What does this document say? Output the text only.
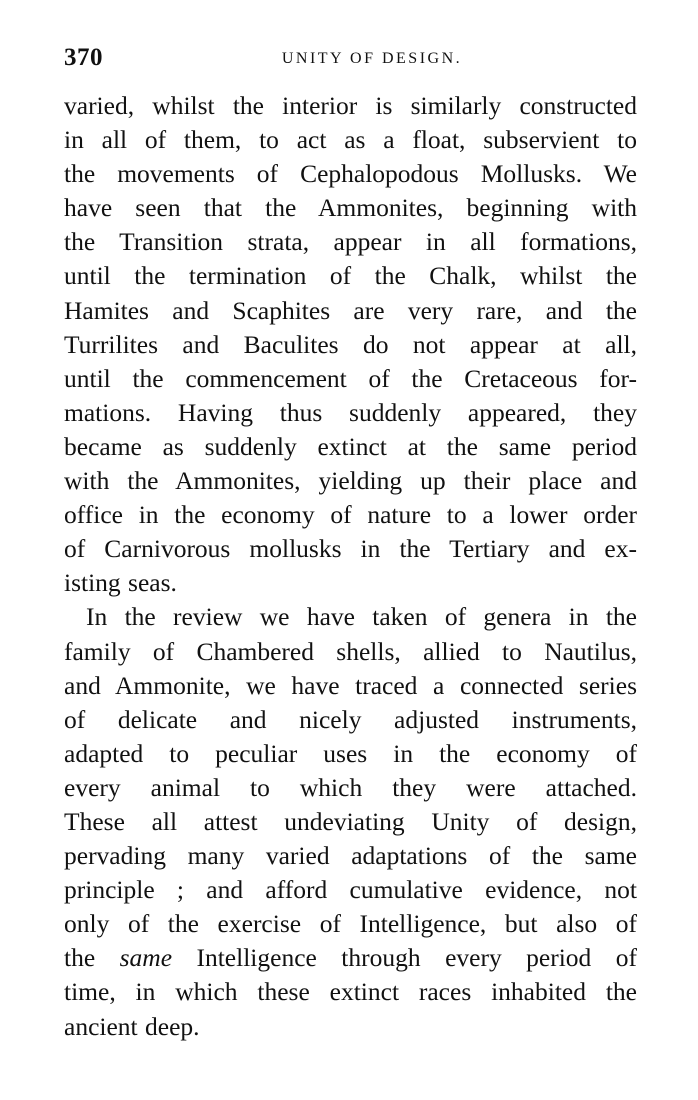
370	UNITY OF DESIGN.
varied, whilst the interior is similarly constructed
in all of them, to act as a float, subservient to
the movements of Cephalopodous Mollusks. We
have seen that the Ammonites, beginning with
the Transition strata, appear in all formations,
until the termination of the Chalk, whilst the
Hamites and Scaphites are very rare, and the
Turrilites and Baculites do not appear at all,
until the commencement of the Cretaceous for-
mations. Having thus suddenly appeared, they
became as suddenly extinct at the same period
with the Ammonites, yielding up their place and
office in the economy of nature to a lower order
of Carnivorous mollusks in the Tertiary and ex-
isting seas.
In the review we have taken of genera in the
family of Chambered shells, allied to Nautilus,
and Ammonite, we have traced a connected series
of delicate and nicely adjusted instruments,
adapted to peculiar uses in the economy of
every animal to which they were attached.
These all attest undeviating Unity of design,
pervading many varied adaptations of the same
principle ; and afford cumulative evidence, not
only of the exercise of Intelligence, but also of
the same Intelligence through every period of
time, in which these extinct races inhabited the
ancient deep.
